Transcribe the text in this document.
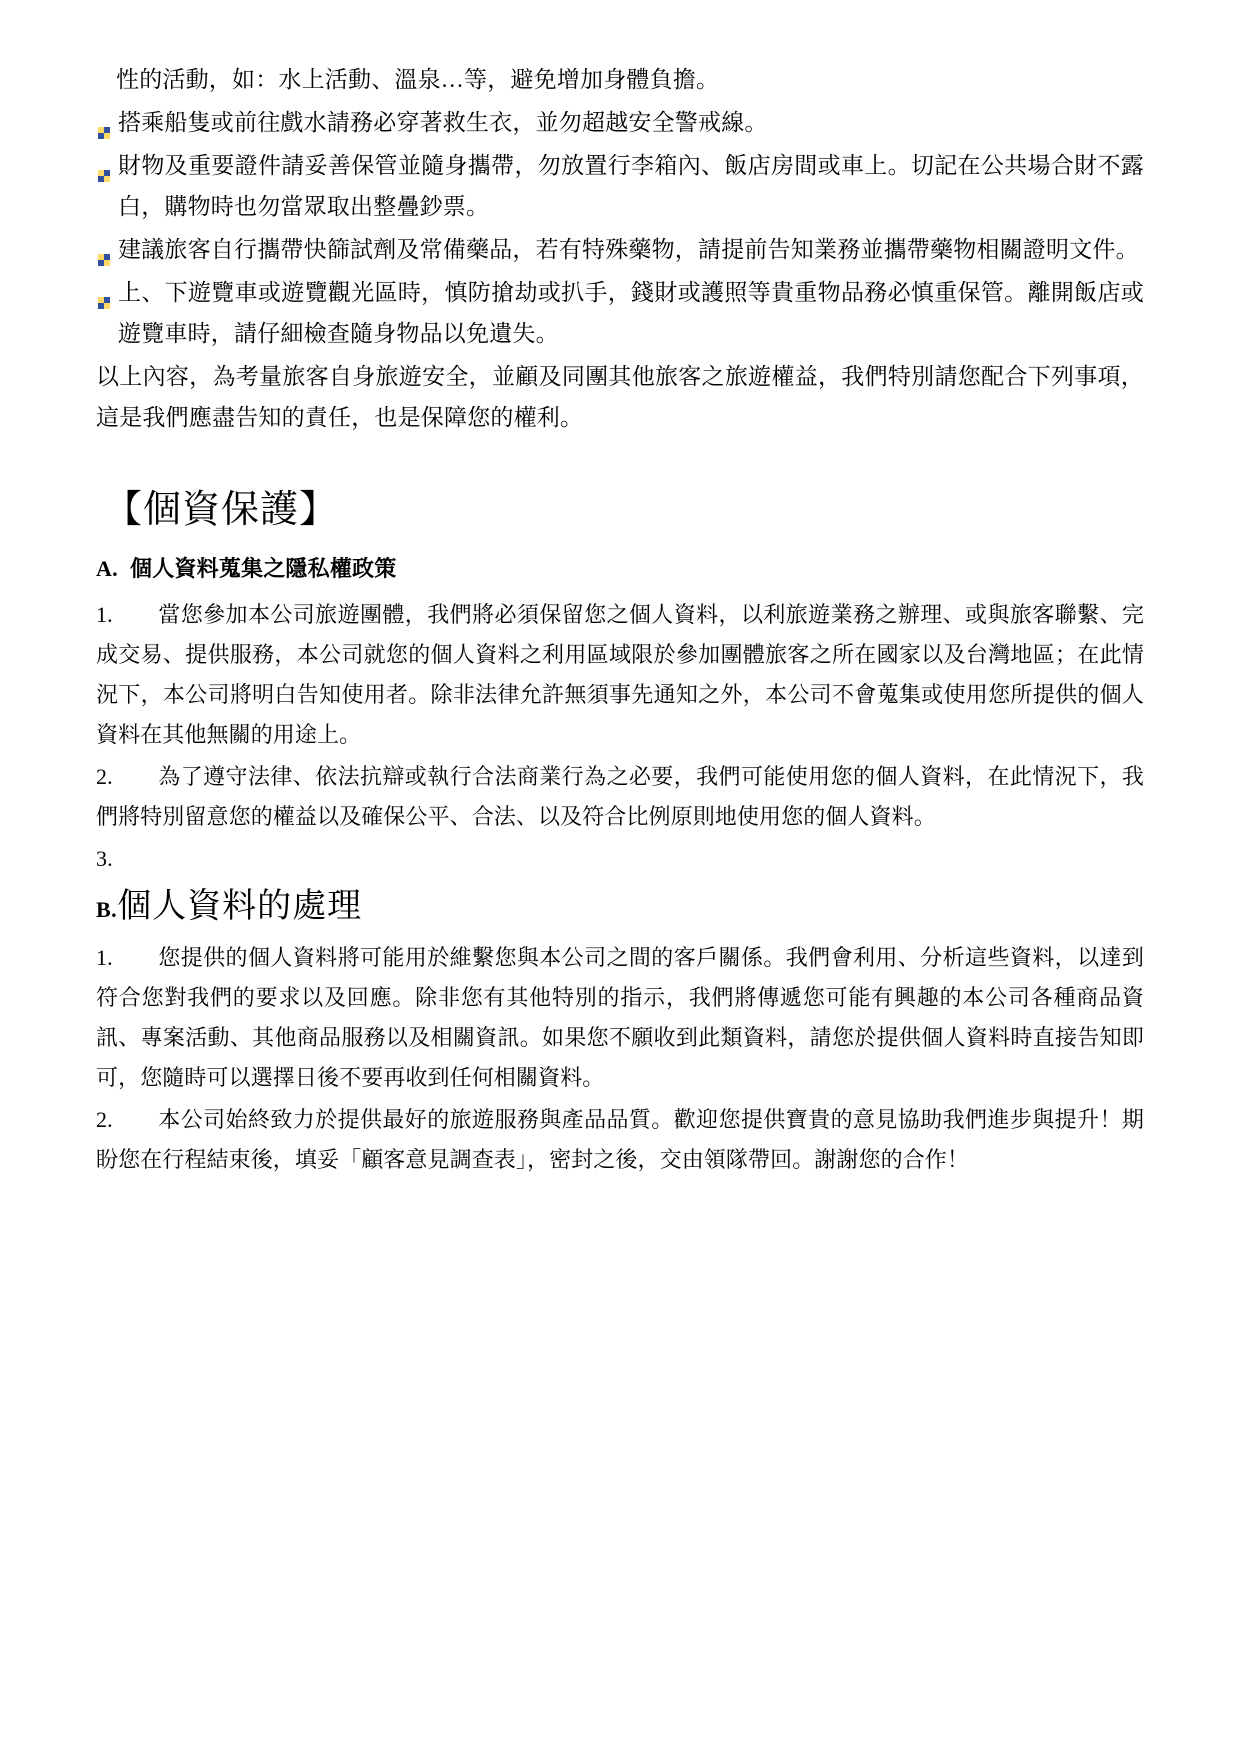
性的活動，如：水上活動、溫泉…等，避免增加身體負擔。

搭乘船隻或前往戲水請務必穿著救生衣，並勿超越安全警戒線。
財物及重要證件請妥善保管並隨身攜帶，勿放置行李箱內、飯店房間或車上。切記在公共場合財不露白，購物時也勿當眾取出整疊鈔票。
建議旅客自行攜帶快篩試劑及常備藥品，若有特殊藥物，請提前告知業務並攜帶藥物相關證明文件。
上、下遊覽車或遊覽觀光區時，慎防搶劫或扒手，錢財或護照等貴重物品務必慎重保管。離開飯店或遊覽車時，請仔細檢查隨身物品以免遺失。

以上內容，為考量旅客自身旅遊安全，並顧及同團其他旅客之旅遊權益，我們特別請您配合下列事項，這是我們應盡告知的責任，也是保障您的權利。

【個資保護】
A. 個人資料蒐集之隱私權政策

1. 當您參加本公司旅遊團體，我們將必須保留您之個人資料，以利旅遊業務之辦理、或與旅客聯繫、完成交易、提供服務，本公司就您的個人資料之利用區域限於參加團體旅客之所在國家以及台灣地區；在此情況下，本公司將明白告知使用者。除非法律允許無須事先通知之外，本公司不會蒐集或使用您所提供的個人資料在其他無關的用途上。

2. 為了遵守法律、依法抗辯或執行合法商業行為之必要，我們可能使用您的個人資料，在此情況下，我們將特別留意您的權益以及確保公平、合法、以及符合比例原則地使用您的個人資料。

3.

B.個人資料的處理

1. 您提供的個人資料將可能用於維繫您與本公司之間的客戶關係。我們會利用、分析這些資料，以達到符合您對我們的要求以及回應。除非您有其他特別的指示，我們將傳遞您可能有興趣的本公司各種商品資訊、專案活動、其他商品服務以及相關資訊。如果您不願收到此類資料，請您於提供個人資料時直接告知即可，您隨時可以選擇日後不要再收到任何相關資料。

2. 本公司始終致力於提供最好的旅遊服務與產品品質。歡迎您提供寶貴的意見協助我們進步與提升！期盼您在行程結束後，填妥「顧客意見調查表」，密封之後，交由領隊帶回。謝謝您的合作！
